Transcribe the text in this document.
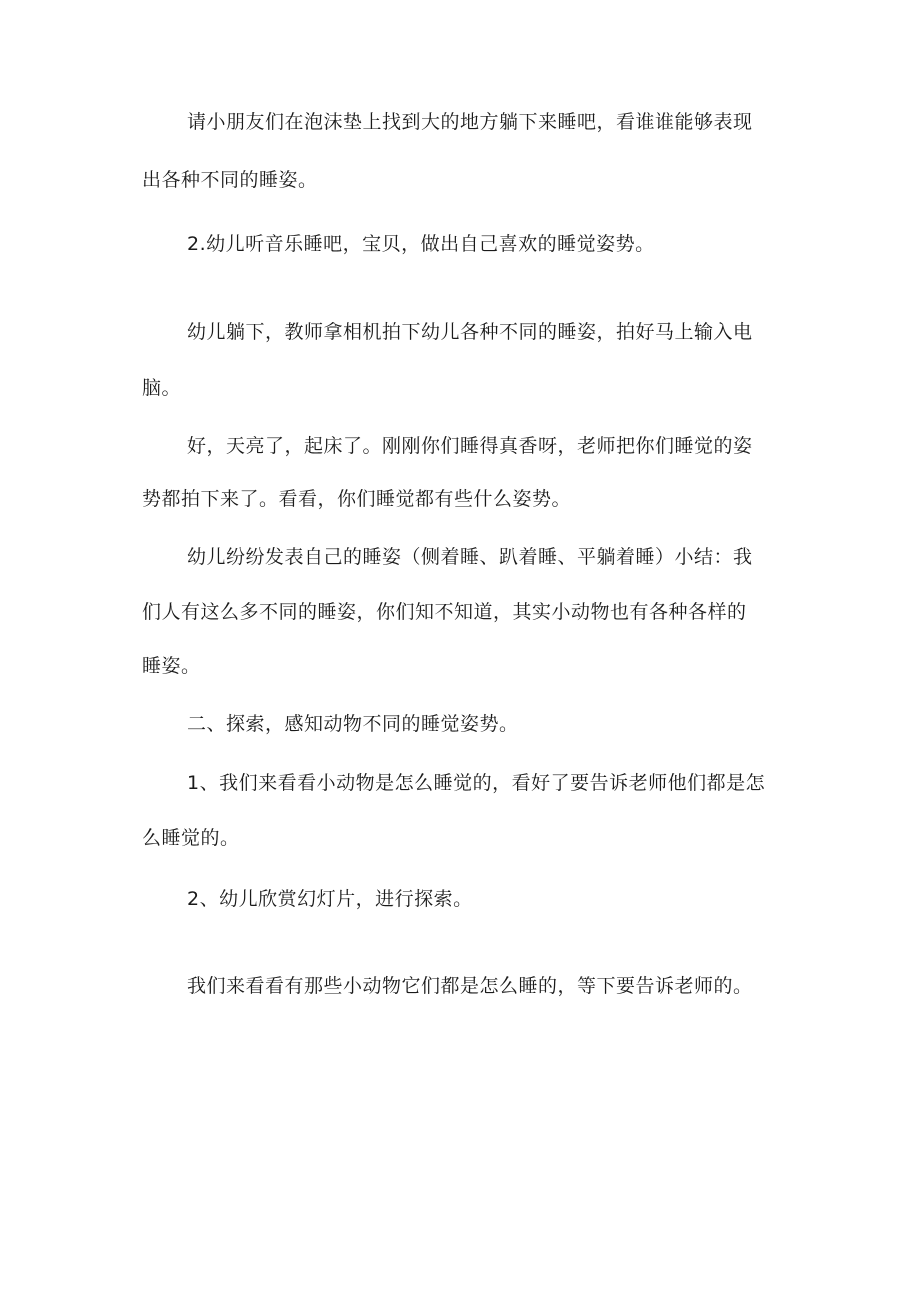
请小朋友们在泡沫垫上找到大的地方躺下来睡吧，看谁谁能够表现
出各种不同的睡姿。
2.幼儿听音乐睡吧，宝贝，做出自己喜欢的睡觉姿势。
幼儿躺下，教师拿相机拍下幼儿各种不同的睡姿，拍好马上输入电
脑。
好，天亮了，起床了。刚刚你们睡得真香呀，老师把你们睡觉的姿
势都拍下来了。看看，你们睡觉都有些什么姿势。
幼儿纷纷发表自己的睡姿（侧着睡、趴着睡、平躺着睡）小结：我
们人有这么多不同的睡姿，你们知不知道，其实小动物也有各种各样的
睡姿。
二、探索，感知动物不同的睡觉姿势。
1、我们来看看小动物是怎么睡觉的，看好了要告诉老师他们都是怎
么睡觉的。
2、幼儿欣赏幻灯片，进行探索。
我们来看看有那些小动物它们都是怎么睡的，等下要告诉老师的。
